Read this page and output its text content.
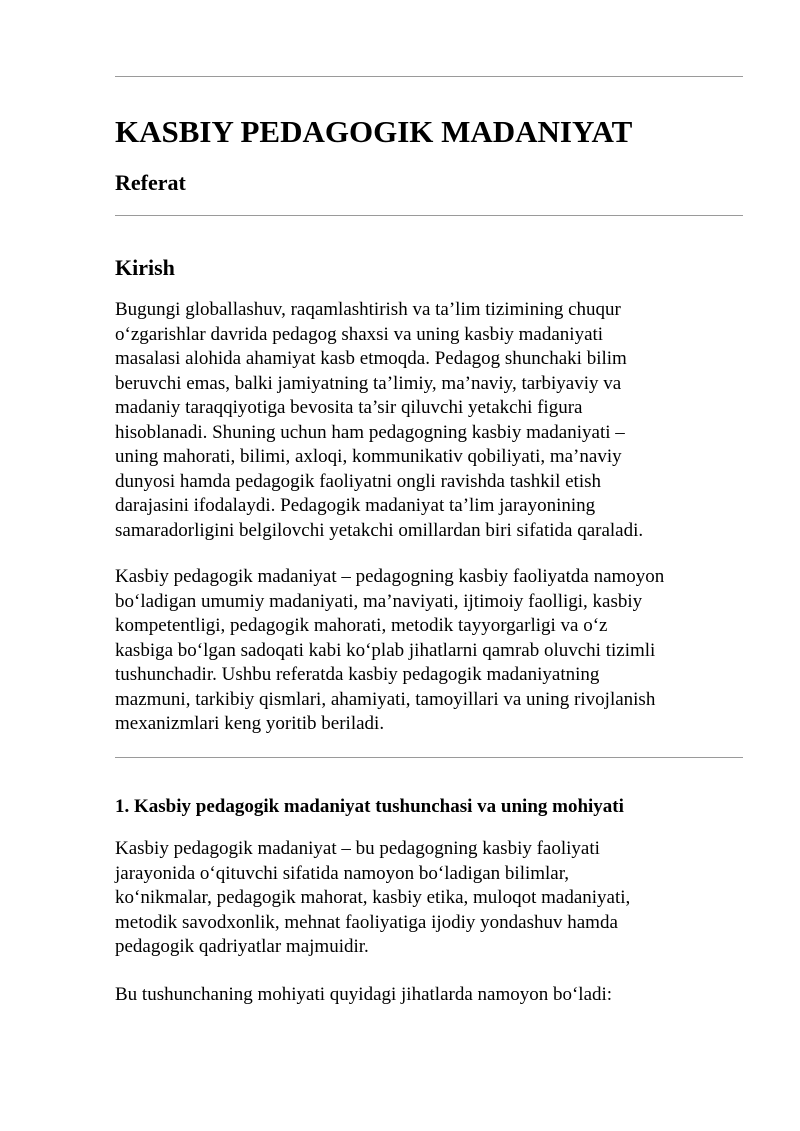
KASBIY PEDAGOGIK MADANIYAT
Referat
Kirish
Bugungi globallashuv, raqamlashtirish va ta’lim tizimining chuqur
o‘zgarishlar davrida pedagog shaxsi va uning kasbiy madaniyati
masalasi alohida ahamiyat kasb etmoqda. Pedagog shunchaki bilim
beruvchi emas, balki jamiyatning ta’limiy, ma’naviy, tarbiyaviy va
madaniy taraqqiyotiga bevosita ta’sir qiluvchi yetakchi figura
hisoblanadi. Shuning uchun ham pedagogning kasbiy madaniyati –
uning mahorati, bilimi, axloqi, kommunikativ qobiliyati, ma’naviy
dunyosi hamda pedagogik faoliyatni ongli ravishda tashkil etish
darajasini ifodalaydi. Pedagogik madaniyat ta’lim jarayonining
samaradorligini belgilovchi yetakchi omillardan biri sifatida qaraladi.
Kasbiy pedagogik madaniyat – pedagogning kasbiy faoliyatda namoyon
bo‘ladigan umumiy madaniyati, ma’naviyati, ijtimoiy faolligi, kasbiy
kompetentligi, pedagogik mahorati, metodik tayyorgarligi va o‘z
kasbiga bo‘lgan sadoqati kabi ko‘plab jihatlarni qamrab oluvchi tizimli
tushunchadir. Ushbu referatda kasbiy pedagogik madaniyatning
mazmuni, tarkibiy qismlari, ahamiyati, tamoyillari va uning rivojlanish
mexanizmlari keng yoritib beriladi.
1. Kasbiy pedagogik madaniyat tushunchasi va uning mohiyati
Kasbiy pedagogik madaniyat – bu pedagogning kasbiy faoliyati
jarayonida o‘qituvchi sifatida namoyon bo‘ladigan bilimlar,
ko‘nikmalar, pedagogik mahorat, kasbiy etika, muloqot madaniyati,
metodik savodxonlik, mehnat faoliyatiga ijodiy yondashuv hamda
pedagogik qadriyatlar majmuidir.
Bu tushunchaning mohiyati quyidagi jihatlarda namoyon bo‘ladi:
